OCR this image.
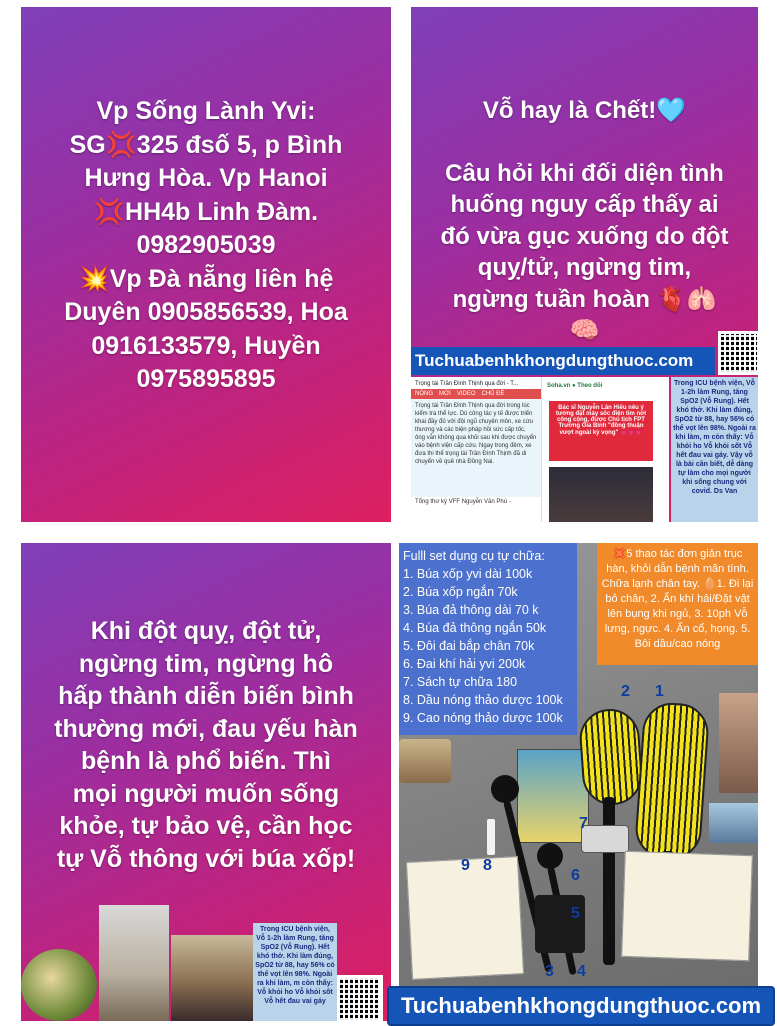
Vp Sống Lành Yvi:
SG💢325 đsố 5, p Bình
Hưng Hòa. Vp Hanoi
💢HH4b Linh Đàm.
0982905039
💥Vp Đà nẵng liên hệ
Duyên 0905856539, Hoa
0916133579, Huyền
0975895895
Vỗ hay là Chết!🩵
Câu hỏi khi đối diện tình
huống nguy cấp thấy ai
đó vừa gục xuống do đột
quỵ/tử, ngừng tim,
ngừng tuần hoàn 🫀🫁
🧠
Tuchuabenhkhongdungthuoc.com
Trọng tài Trần Đình Thịnh qua đời - T...
NÓNG MỚI VIDEO CHỦ ĐỀ
Trọng tài Trần Đình Thịnh qua đời trong lúc kiểm tra thể lực. Dù công tác y tế được triển khai đầy đủ với đội ngũ chuyên môn, xe cứu thương và các biện pháp hồi sức cấp tốc, ông vẫn không qua khỏi sau khi được chuyển vào bệnh viện cấp cứu. Ngay trong đêm, xe đưa thi thể trọng tài Trần Đình Thịnh đã di chuyển về quê nhà Đồng Nai.
Tổng thư ký VFF Nguyễn Văn Phú -
Soha.vn ● Theo dõi
Bác sĩ Nguyễn Lân Hiếu nêu ý tưởng đặt máy sốc điện tim nơi công cộng, được Chủ tịch FPT Trương Gia Bình "đồng thuận vượt ngoài kỳ vọng" 💗💗💗
Trong ICU bệnh viện, Vỗ 1-2h làm Rung, tăng SpO2 (Vỗ Rung). Hết khó thở. Khi làm đúng, SpO2 từ 88, hay 56% có thể vọt lên 98%. Ngoài ra khi làm, m còn thấy: Vỗ khỏi ho Vỗ khỏi sốt Vỗ hết đau vai gáy. Vậy vỗ là bài cần biết, dễ dàng tự làm cho mọi người khi sống chung với covid. Ds Van
Khi đột quỵ, đột tử,
ngừng tim, ngừng hô
hấp thành diễn biến bình
thường mới, đau yếu hàn
bệnh là phổ biến. Thì
mọi người muốn sống
khỏe, tự bảo vệ, cần học
tự Vỗ thông với búa xốp!
Trong ICU bệnh viện, Vỗ 1-2h làm Rung, tăng SpO2 (Vỗ Rung). Hết khó thở. Khi làm đúng, SpO2 từ 88, hay 56% có thể vọt lên 98%. Ngoài ra khi làm, m còn thấy: Vỗ khỏi ho Vỗ khỏi sốt Vỗ hết đau vai gáy
Fulll set dụng cụ tự chữa:
1. Búa xốp yvi dài 100k
2. Búa xốp ngắn 70k
3. Búa đả thông dài 70 k
4. Búa đả thông ngắn 50k
5. Đôi đai bắp chân 70k
6. Đai khí hải yvi 200k
7. Sách tự chữa 180
8. Dầu nóng thảo dược 100k
9. Cao nóng thảo dược 100k
💢5 thao tác đơn giản trục hàn, khỏi dẫn bệnh mãn tính. Chữa lạnh chân tay. 🥚1. Đi lại bỏ chân, 2. Ấn khí hải/Đặt vật lên bụng khi ngủ, 3. 10ph Vỗ lưng, ngực. 4. Ấn cổ, họng. 5. Bôi dầu/cao nóng
2 1
7
9 8
6
5
3 4
Tuchuabenhkhongdungthuoc.com
